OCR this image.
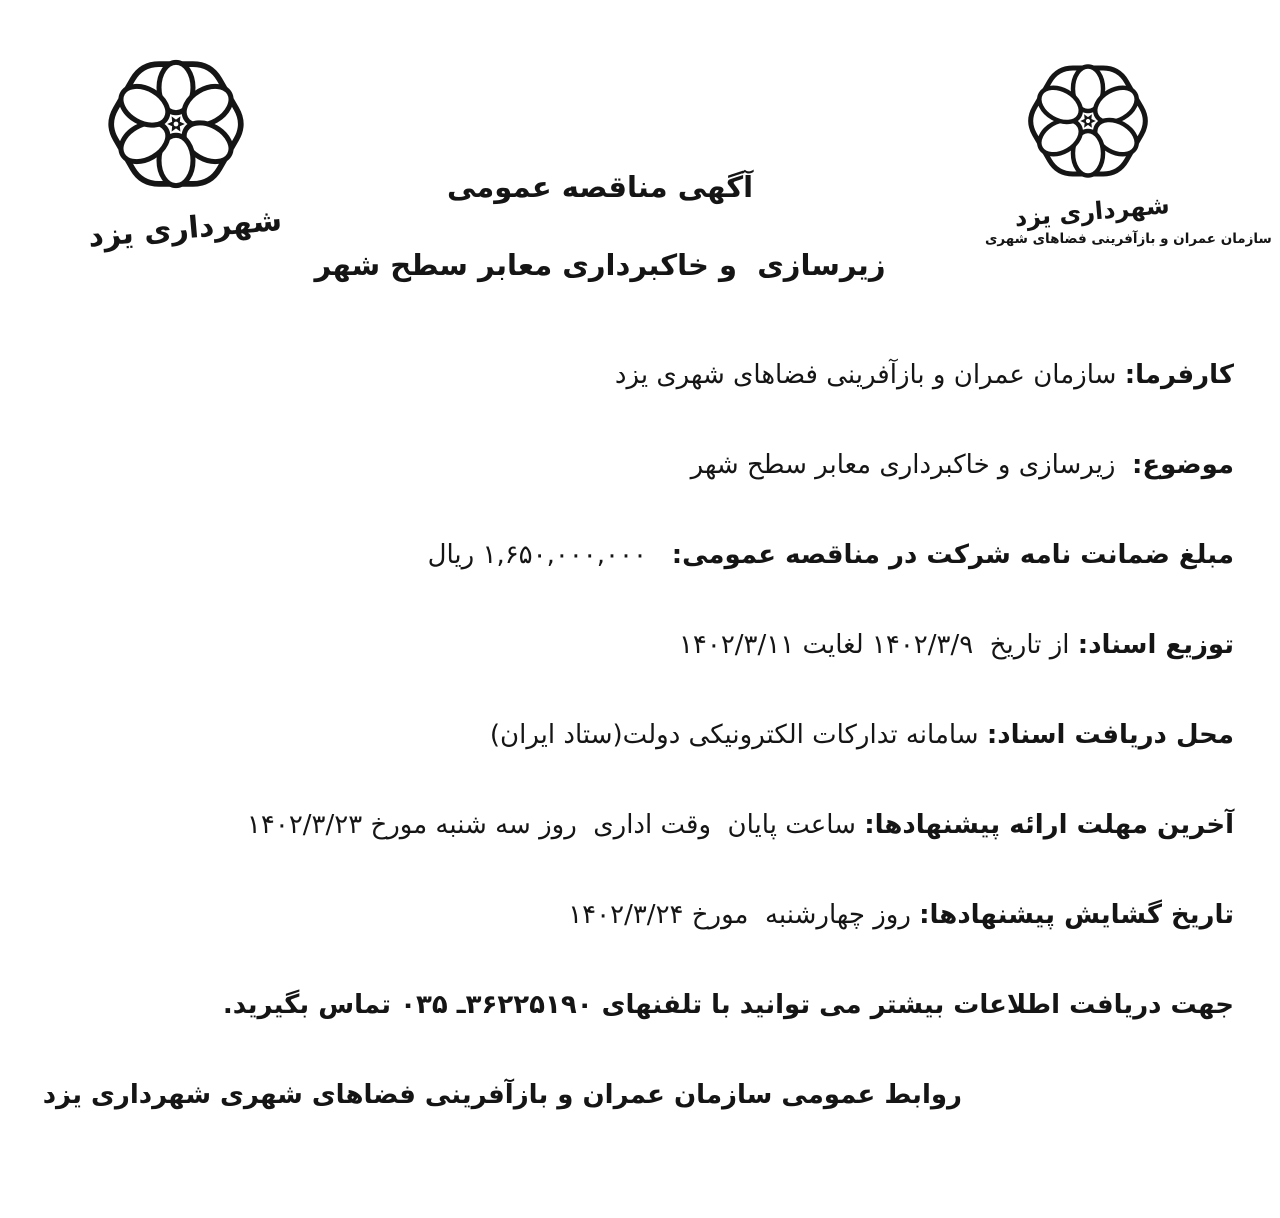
شهرداری یزد	شهرداری یزد
سازمان عمران و بازآفرینی فضاهای شهری
آگهی مناقصه عمومی
زیرسازی  و خاکبرداری معابر سطح شهر
کارفرما: سازمان عمران و بازآفرینی فضاهای شهری یزد
موضوع:  زیرسازی و خاکبرداری معابر سطح شهر
مبلغ ضمانت نامه شرکت در مناقصه عمومی:   ۱,۶۵۰,۰۰۰,۰۰۰ ریال
توزیع اسناد: از تاریخ  ۱۴۰۲/۳/۹ لغایت ۱۴۰۲/۳/۱۱
محل دریافت اسناد: سامانه تدارکات الکترونیکی دولت(ستاد ایران)
آخرین مهلت ارائه پیشنهادها: ساعت پایان  وقت اداری  روز سه شنبه مورخ ۱۴۰۲/۳/۲۳
تاریخ گشایش پیشنهادها: روز چهارشنبه  مورخ ۱۴۰۲/۳/۲۴
جهت دریافت اطلاعات بیشتر می توانید با تلفنهای ۳۶۲۲۵۱۹۰ـ ۰۳۵ تماس بگیرید.
روابط عمومی سازمان عمران و بازآفرینی فضاهای شهری شهرداری یزد
